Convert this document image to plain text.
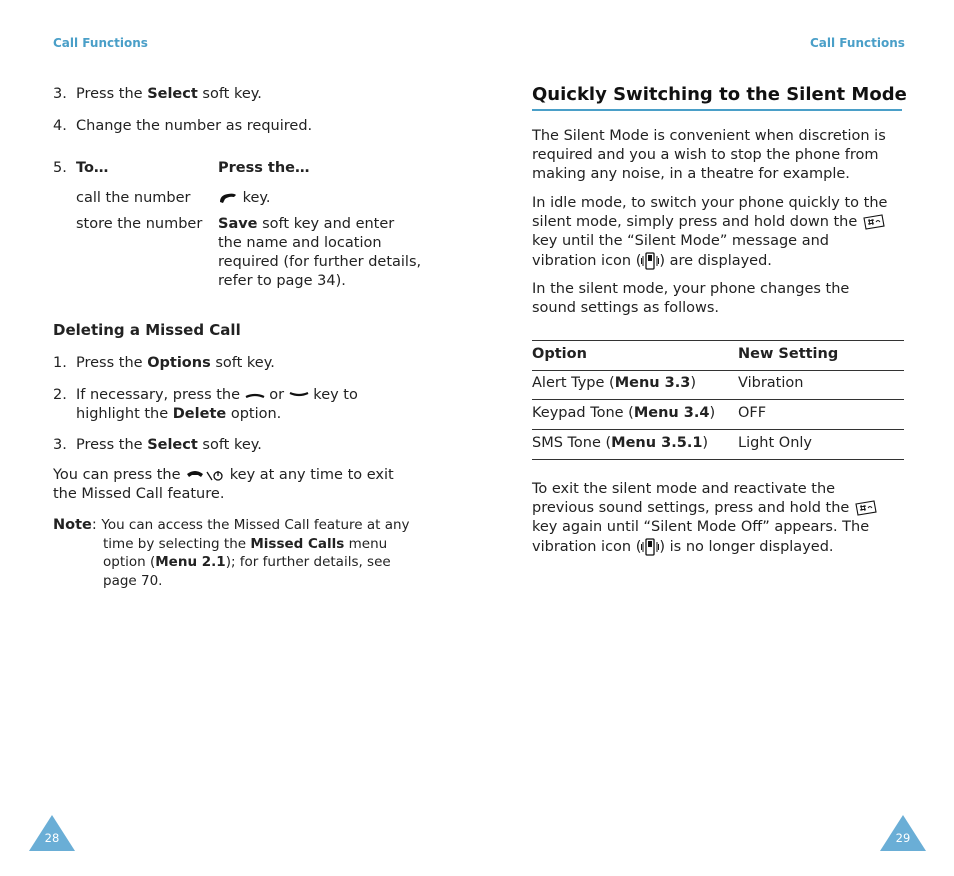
Call Functions
3. Press the Select soft key.
4. Change the number as required.
5. To…	Press the…
call the number	key.
store the number Save soft key and enter
the name and location
required (for further details,
refer to page 34).
Deleting a Missed Call
1. Press the Options soft key.
2. If necessary, press the  or  key to
highlight the Delete option.
3. Press the Select soft key.
You can press the	key at any time to exit
the Missed Call feature.
Note: You can access the Missed Call feature at any
time by selecting the Missed Calls menu
option (Menu 2.1); for further details, see
page 70.
28
Call Functions
Quickly Switching to the Silent Mode
The Silent Mode is convenient when discretion is
required and you a wish to stop the phone from
making any noise, in a theatre for example.
In idle mode, to switch your phone quickly to the
silent mode, simply press and hold down the
key until the “Silent Mode” message and
vibration icon ( ) are displayed.
In the silent mode, your phone changes the
sound settings as follows.
Option	New Setting
Alert Type (Menu 3.3)	Vibration
Keypad Tone (Menu 3.4) OFF
SMS Tone (Menu 3.5.1) Light Only
To exit the silent mode and reactivate the
previous sound settings, press and hold the
key again until “Silent Mode Off” appears. The
vibration icon ( ) is no longer displayed.
29
